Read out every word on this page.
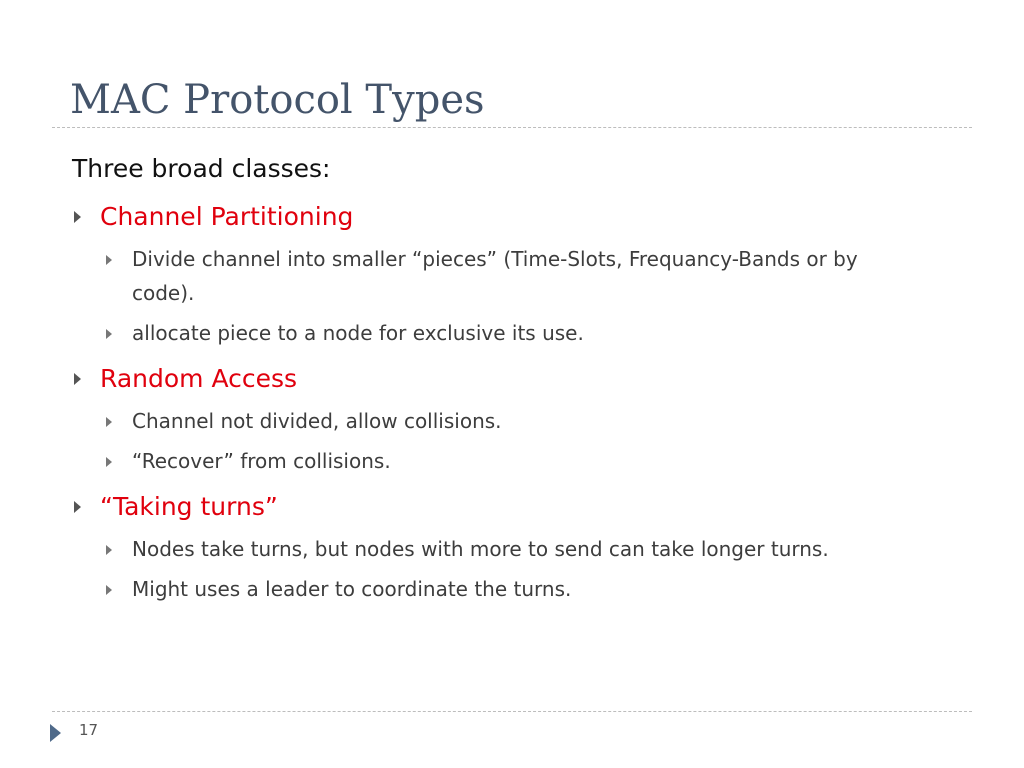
MAC Protocol Types
Three broad classes:
Channel Partitioning
Divide channel into smaller “pieces” (Time-Slots, Frequancy-Bands or by code).
allocate piece to a node for exclusive its use.
Random Access
Channel not divided, allow collisions.
“Recover” from collisions.
“Taking turns”
Nodes take turns, but nodes with more to send can take longer turns.
Might uses a leader to coordinate the turns.
17
